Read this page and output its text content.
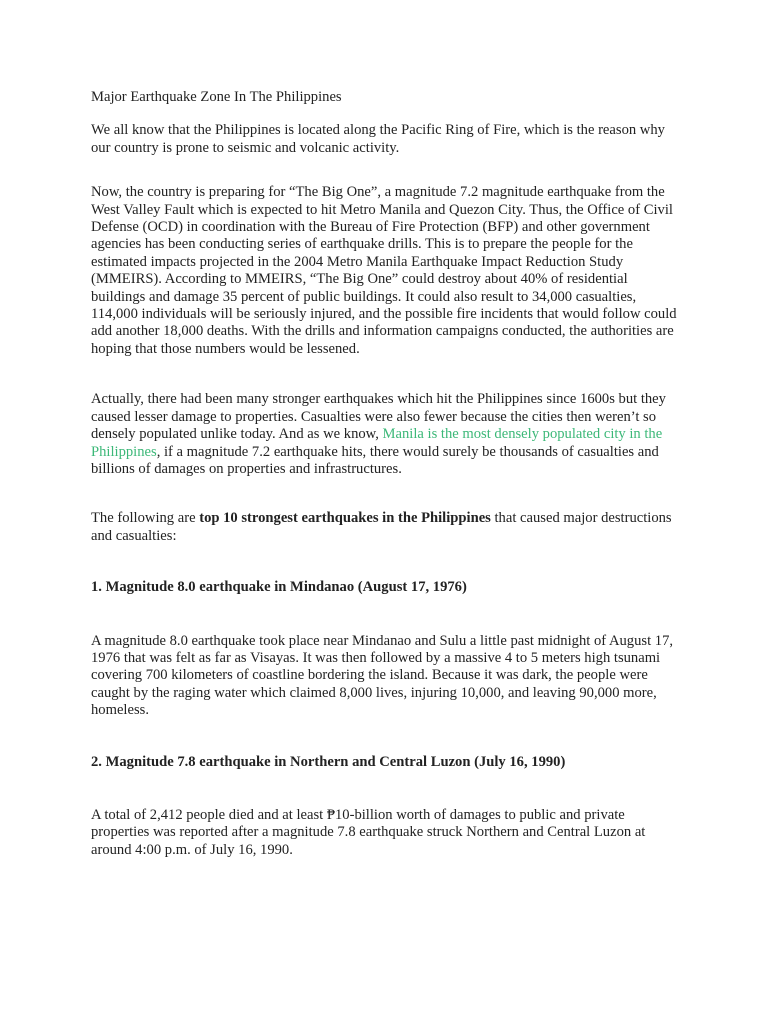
Major Earthquake Zone In The Philippines

We all know that the Philippines is located along the Pacific Ring of Fire, which is the reason why our country is prone to seismic and volcanic activity.

Now, the country is preparing for “The Big One”, a magnitude 7.2 magnitude earthquake from the West Valley Fault which is expected to hit Metro Manila and Quezon City. Thus, the Office of Civil Defense (OCD) in coordination with the Bureau of Fire Protection (BFP) and other government agencies has been conducting series of earthquake drills. This is to prepare the people for the estimated impacts projected in the 2004 Metro Manila Earthquake Impact Reduction Study (MMEIRS). According to MMEIRS, “The Big One” could destroy about 40% of residential buildings and damage 35 percent of public buildings. It could also result to 34,000 casualties, 114,000 individuals will be seriously injured, and the possible fire incidents that would follow could add another 18,000 deaths. With the drills and information campaigns conducted, the authorities are hoping that those numbers would be lessened.

Actually, there had been many stronger earthquakes which hit the Philippines since 1600s but they caused lesser damage to properties. Casualties were also fewer because the cities then weren’t so densely populated unlike today. And as we know, Manila is the most densely populated city in the Philippines, if a magnitude 7.2 earthquake hits, there would surely be thousands of casualties and billions of damages on properties and infrastructures.

The following are top 10 strongest earthquakes in the Philippines that caused major destructions and casualties:

1. Magnitude 8.0 earthquake in Mindanao (August 17, 1976)

A magnitude 8.0 earthquake took place near Mindanao and Sulu a little past midnight of August 17, 1976 that was felt as far as Visayas. It was then followed by a massive 4 to 5 meters high tsunami covering 700 kilometers of coastline bordering the island. Because it was dark, the people were caught by the raging water which claimed 8,000 lives, injuring 10,000, and leaving 90,000 more, homeless.

2. Magnitude 7.8 earthquake in Northern and Central Luzon (July 16, 1990)

A total of 2,412 people died and at least ₱10-billion worth of damages to public and private properties was reported after a magnitude 7.8 earthquake struck Northern and Central Luzon at around 4:00 p.m. of July 16, 1990.
